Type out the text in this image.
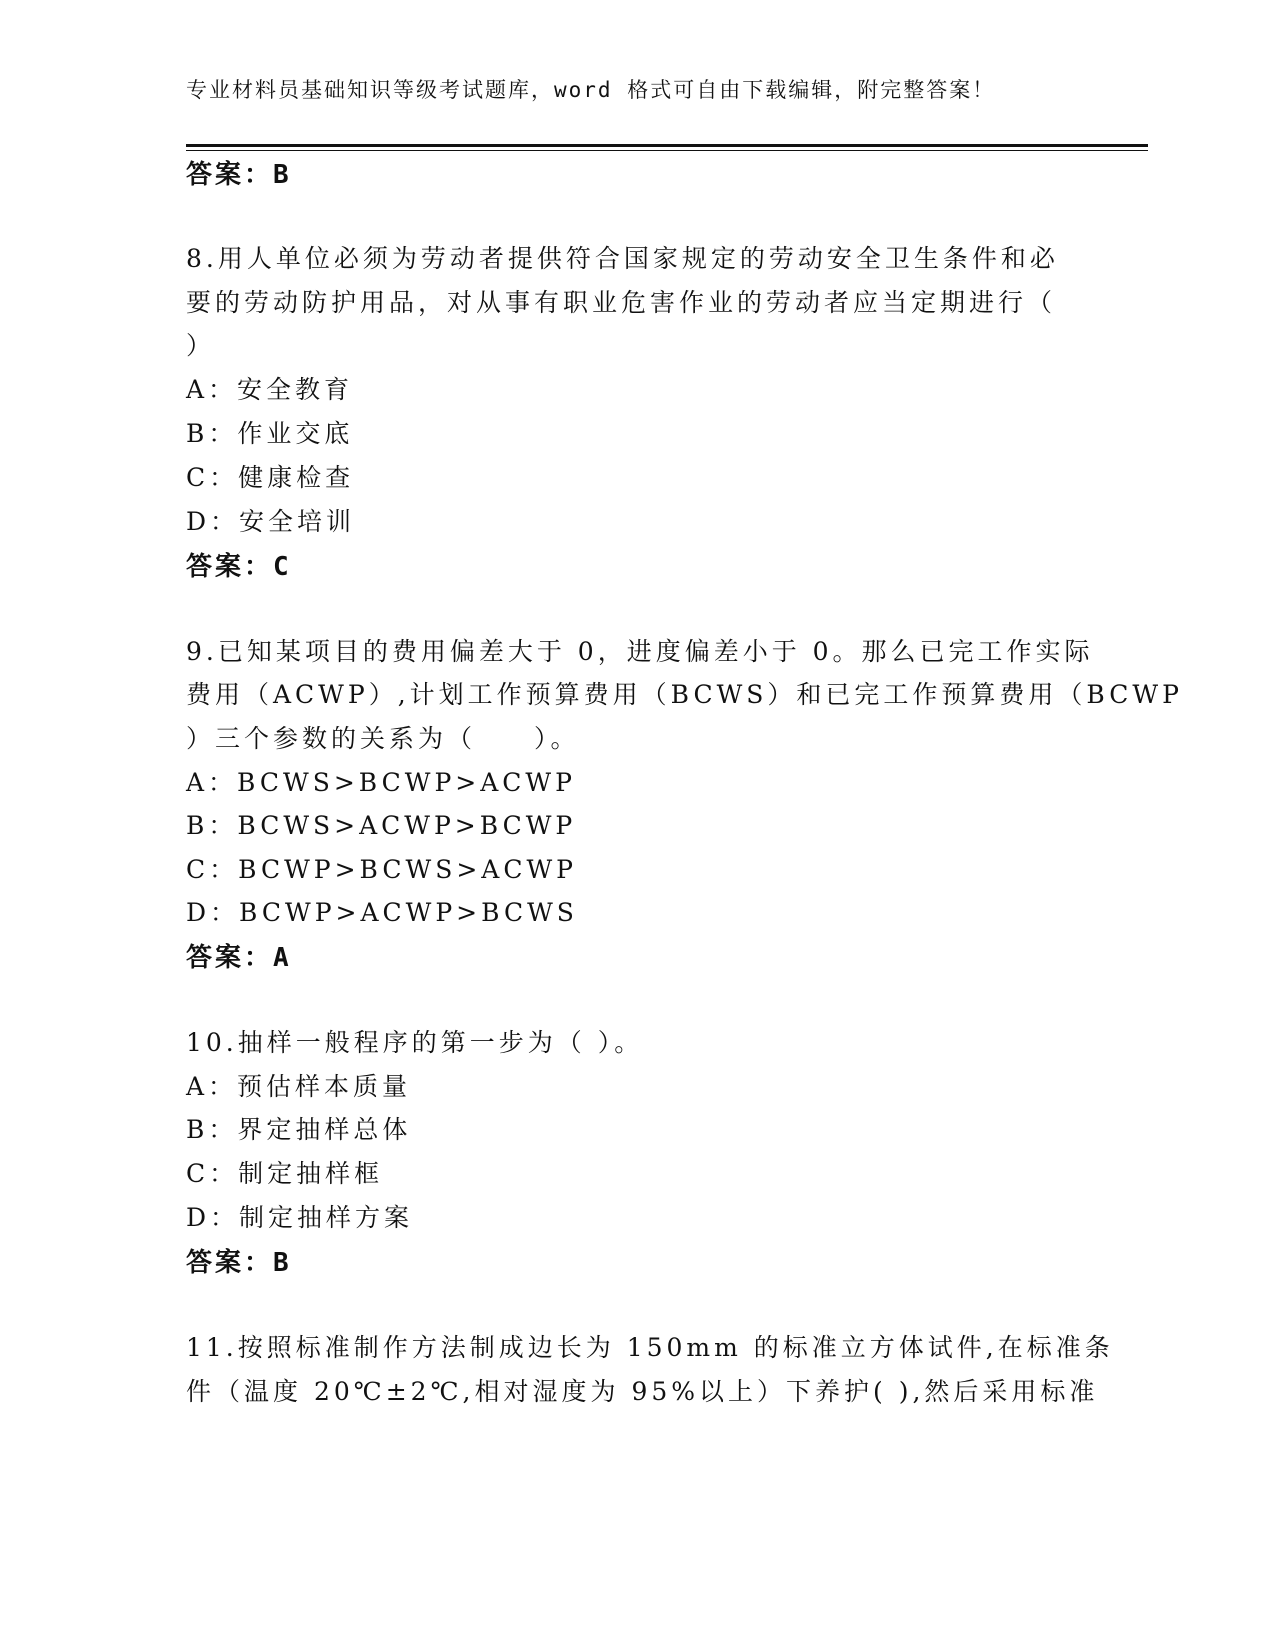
专业材料员基础知识等级考试题库，word 格式可自由下载编辑，附完整答案！
答案：B
8.用人单位必须为劳动者提供符合国家规定的劳动安全卫生条件和必
要的劳动防护用品，对从事有职业危害作业的劳动者应当定期进行（
）
A：安全教育
B：作业交底
C：健康检查
D：安全培训
答案：C
9.已知某项目的费用偏差大于 0，进度偏差小于 0。那么已完工作实际
费用（ACWP）,计划工作预算费用（BCWS）和已完工作预算费用（BCWP
）三个参数的关系为（　　）。
A：BCWS>BCWP>ACWP
B：BCWS>ACWP>BCWP
C：BCWP>BCWS>ACWP
D：BCWP>ACWP>BCWS
答案：A
10.抽样一般程序的第一步为（ ）。
A：预估样本质量
B：界定抽样总体
C：制定抽样框
D：制定抽样方案
答案：B
11.按照标准制作方法制成边长为 150mm 的标准立方体试件,在标准条
件（温度 20℃±2℃,相对湿度为 95%以上）下养护( ),然后采用标准
